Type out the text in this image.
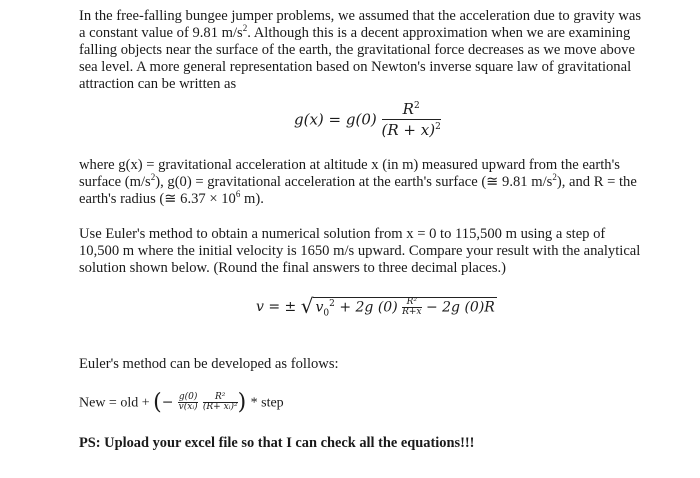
In the free-falling bungee jumper problems, we assumed that the acceleration due to gravity was a constant value of 9.81 $m/s^2$. Although this is a decent approximation when we are examining falling objects near the surface of the earth, the gravitational force decreases as we move above sea level. A more general representation based on Newton's inverse square law of gravitational attraction can be written as

$g(x) = g(0) \frac{R^2}{(R + x)^2}$

where g(x) = gravitational acceleration at altitude x (in m) measured upward from the earth's surface $(m/s^2)$, g(0) = gravitational acceleration at the earth's surface (≅ 9.81 $m/s^2$), and R = the earth's radius (≅ $6.37 \times 10^6$ m).

Use Euler's method to obtain a numerical solution from x = 0 to 115,500 m using a step of 10,500 m where the initial velocity is 1650 m/s upward. Compare your result with the analytical solution shown below. (Round the final answers to three decimal places.)

v = ± √ $v_0^2 + 2g$ $(0) \frac{\text{R²}}{R+x} - 2g$ (0)R

Euler's method can be developed as follows:

New = old + (− $\frac{g(0)}{\text{v(xᵢ)}}$
$\frac{\text{R²}}{\text{(R+ xᵢ)²}}$ ) * step

PS: Upload your excel file so that I can check all the equations!!!
